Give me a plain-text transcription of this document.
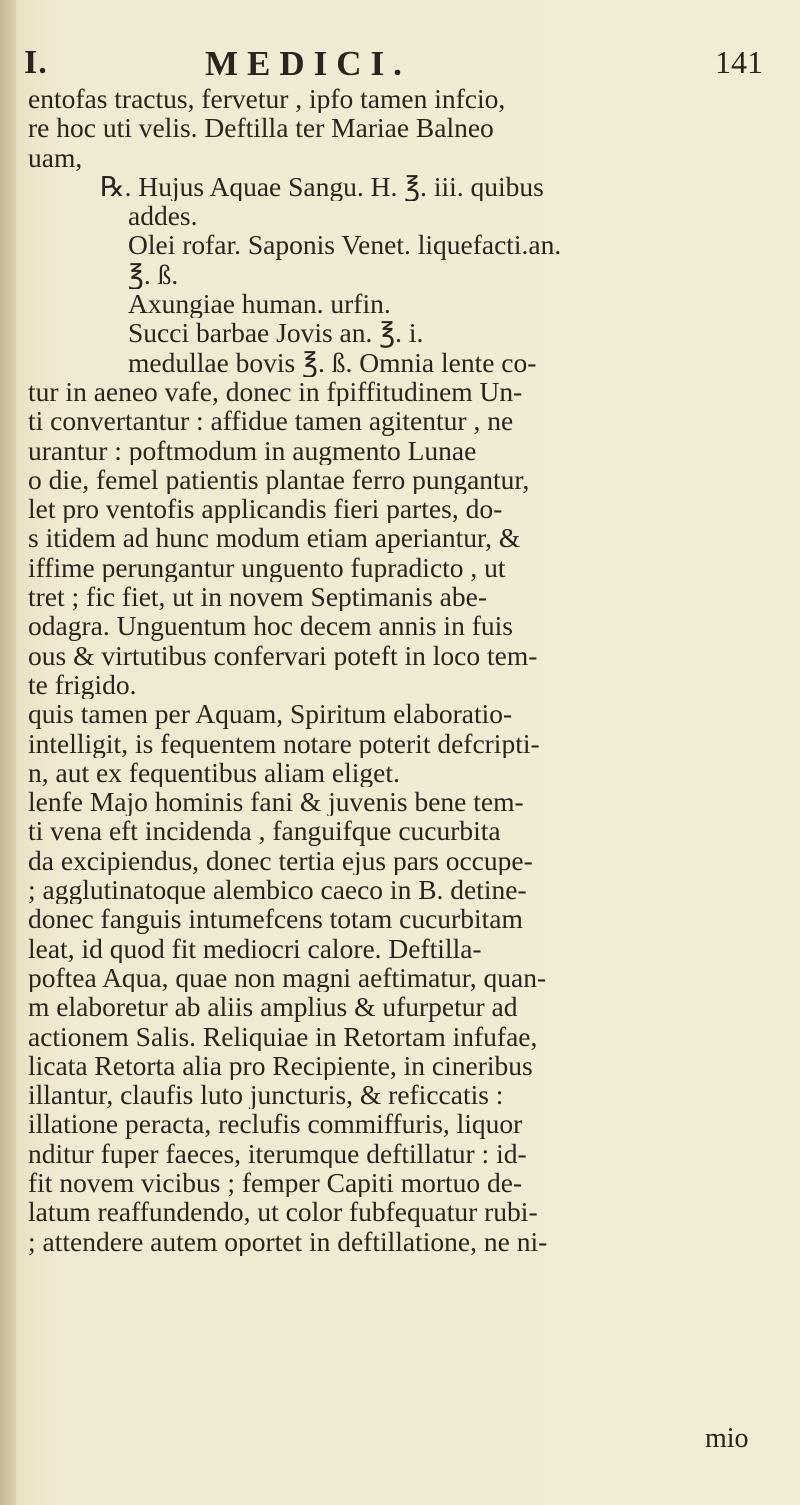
I.	MEDICI.	141
entofas tractus, fervetur , ipfo tamen infcio,
re hoc uti velis. Deftilla ter Mariae Balneo
uam,
℞. Hujus Aquae Sangu. H. ℥. iii. quibus
addes.
Olei rofar. Saponis Venet. liquefacti.an.
℥. ß.
Axungiae human. urfin.
Succi barbae Jovis an. ℥. i.
medullae bovis ℥. ß. Omnia lente co-
tur in aeneo vafe, donec in fpiffitudinem Un-
ti convertantur : affidue tamen agitentur , ne
urantur : poftmodum in augmento Lunae
o die, femel patientis plantae ferro pungantur,
let pro ventofis applicandis fieri partes, do-
s itidem ad hunc modum etiam aperiantur, &
iffime perungantur unguento fupradicto , ut
tret ; fic fiet, ut in novem Septimanis abe-
odagra. Unguentum hoc decem annis in fuis
ous & virtutibus confervari poteft in loco tem-
te frigido.
quis tamen per Aquam, Spiritum elaboratio-
intelligit, is fequentem notare poterit defcripti-
n, aut ex fequentibus aliam eliget.
lenfe Majo hominis fani & juvenis bene tem-
ti vena eft incidenda , fanguifque cucurbita
da excipiendus, donec tertia ejus pars occupe-
; agglutinatoque alembico caeco in B. detine-
donec fanguis intumefcens totam cucurbitam
leat, id quod fit mediocri calore. Deftilla-
poftea Aqua, quae non magni aeftimatur, quan-
m elaboretur ab aliis amplius & ufurpetur ad
actionem Salis. Reliquiae in Retortam infufae,
licata Retorta alia pro Recipiente, in cineribus
illantur, claufis luto juncturis, & reficcatis :
illatione peracta, reclufis commiffuris, liquor
nditur fuper faeces, iterumque deftillatur : id-
fit novem vicibus ; femper Capiti mortuo de-
latum reaffundendo, ut color fubfequatur rubi-
; attendere autem oportet in deftillatione, ne ni-
mio
